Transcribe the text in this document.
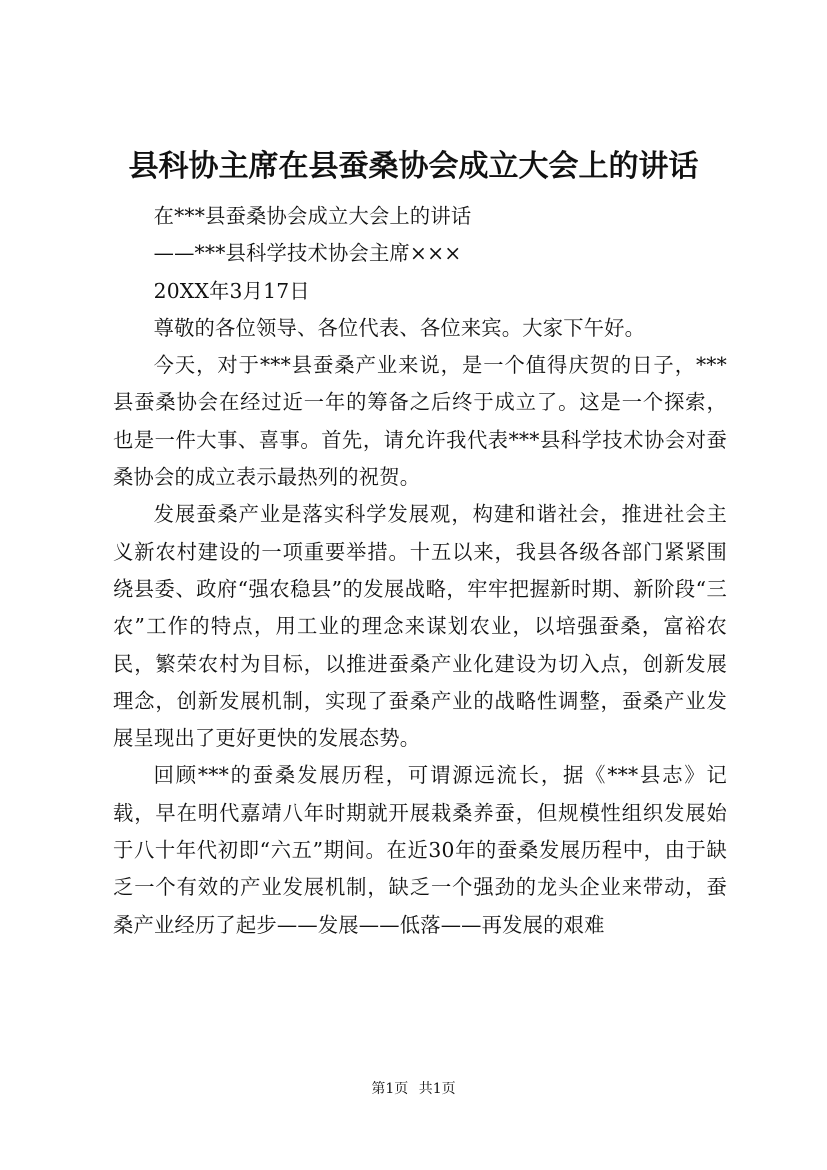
县科协主席在县蚕桑协会成立大会上的讲话

在***县蚕桑协会成立大会上的讲话

——***县科学技术协会主席×××

20XX年3月17日

尊敬的各位领导、各位代表、各位来宾。大家下午好。

今天，对于***县蚕桑产业来说，是一个值得庆贺的日子，***县蚕桑协会在经过近一年的筹备之后终于成立了。这是一个探索，也是一件大事、喜事。首先，请允许我代表***县科学技术协会对蚕桑协会的成立表示最热列的祝贺。

发展蚕桑产业是落实科学发展观，构建和谐社会，推进社会主义新农村建设的一项重要举措。十五以来，我县各级各部门紧紧围绕县委、政府“强农稳县”的发展战略，牢牢把握新时期、新阶段“三农”工作的特点，用工业的理念来谋划农业，以培强蚕桑，富裕农民，繁荣农村为目标，以推进蚕桑产业化建设为切入点，创新发展理念，创新发展机制，实现了蚕桑产业的战略性调整，蚕桑产业发展呈现出了更好更快的发展态势。

回顾***的蚕桑发展历程，可谓源远流长，据《***县志》记载，早在明代嘉靖八年时期就开展栽桑养蚕，但规模性组织发展始于八十年代初即“六五”期间。在近30年的蚕桑发展历程中，由于缺乏一个有效的产业发展机制，缺乏一个强劲的龙头企业来带动，蚕桑产业经历了起步——发展——低落——再发展的艰难

第1页 共1页
